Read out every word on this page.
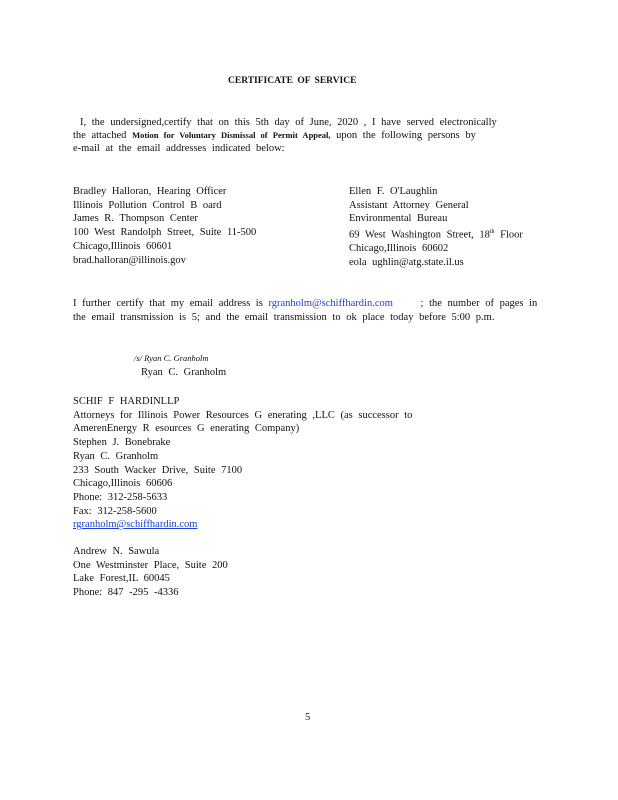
CERTIFICATE OF SERVICE
I, the undersigned,certify that on this 5th day of June, 2020 , I have served electronically
the attached Motion for Voluntary Dismissal of Permit Appeal, upon the following persons by
e-mail at the email addresses indicated below:
Bradley Halloran, Hearing Officer
Illinois Pollution Control B oard
James R. Thompson Center
100 West Randolph Street, Suite 11-500
Chicago,Illinois 60601
brad.halloran@illinois.gov
Ellen F. O'Laughlin
Assistant Attorney General
Environmental Bureau
69 West Washington Street, 18th Floor
Chicago,Illinois 60602
eola ughlin@atg.state.il.us
I further certify that my email address is rgranholm@schiffhardin.com	; the number of pages in
the email transmission is 5; and the email transmission to ok place today before 5:00 p.m.
/s/ Ryan C. Granholm
Ryan C. Granholm
SCHIF F HARDINLLP
Attorneys for Illinois Power Resources G enerating ,LLC (as successor to
AmerenEnergy R esources G enerating Company)
Stephen J. Bonebrake
Ryan C. Granholm
233 South Wacker Drive, Suite 7100
Chicago,Illinois 60606
Phone: 312-258-5633
Fax: 312-258-5600
rgranholm@schiffhardin.com
Andrew N. Sawula
One Westminster Place, Suite 200
Lake Forest,IL 60045
Phone: 847 -295 -4336
5
